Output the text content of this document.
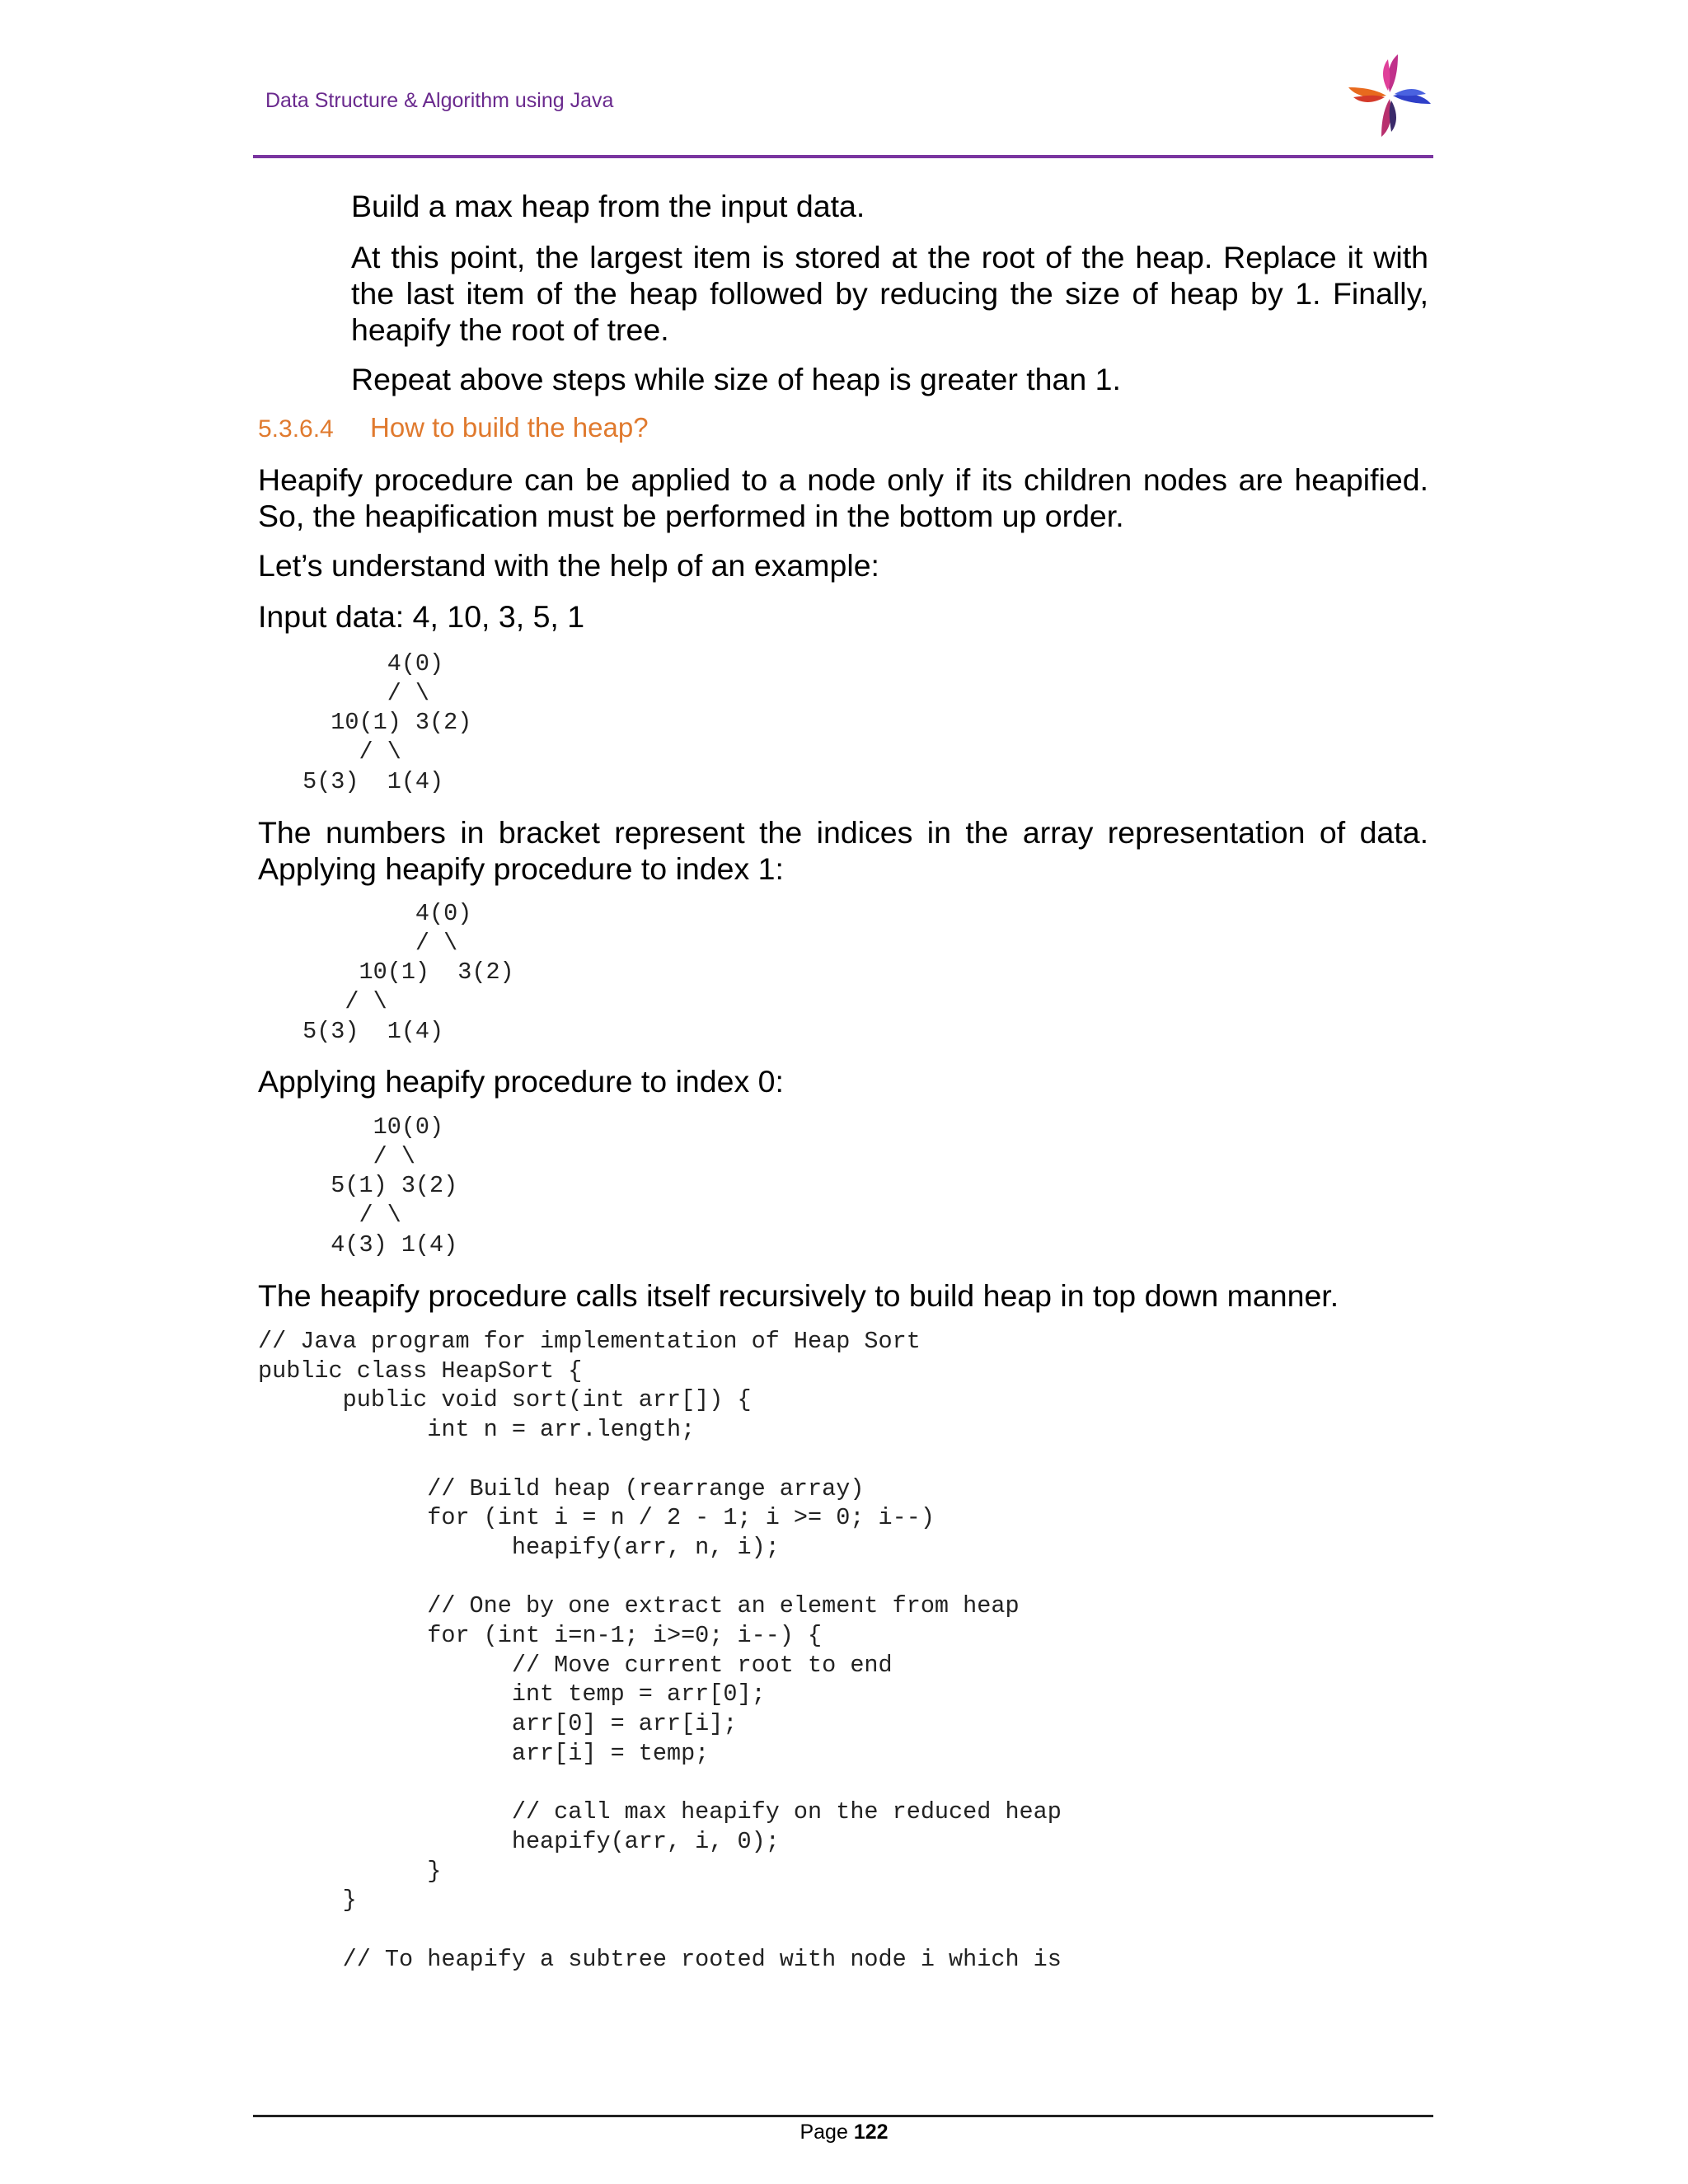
Data Structure & Algorithm using Java

Build a max heap from the input data.

At this point, the largest item is stored at the root of the heap. Replace it with the last item of the heap followed by reducing the size of heap by 1. Finally, heapify the root of tree.

Repeat above steps while size of heap is greater than 1.

5.3.6.4 How to build the heap?

Heapify procedure can be applied to a node only if its children nodes are heapified. So, the heapification must be performed in the bottom up order.

Let’s understand with the help of an example:

Input data: 4, 10, 3, 5, 1

4(0)
/ \
10(1) 3(2)
/ \
5(3)  1(4)

The numbers in bracket represent the indices in the array representation of data. Applying heapify procedure to index 1:

4(0)
/ \
10(1)  3(2)
/ \
5(3)  1(4)

Applying heapify procedure to index 0:

10(0)
/ \
5(1) 3(2)
/ \
4(3) 1(4)

The heapify procedure calls itself recursively to build heap in top down manner.

// Java program for implementation of Heap Sort
public class HeapSort {
public void sort(int arr[]) {
int n = arr.length;

// Build heap (rearrange array)
for (int i = n / 2 - 1; i >= 0; i--)
heapify(arr, n, i);

// One by one extract an element from heap
for (int i=n-1; i>=0; i--) {
// Move current root to end
int temp = arr[0];
arr[0] = arr[i];
arr[i] = temp;

// call max heapify on the reduced heap
heapify(arr, i, 0);
}
}

// To heapify a subtree rooted with node i which is
Page 122
